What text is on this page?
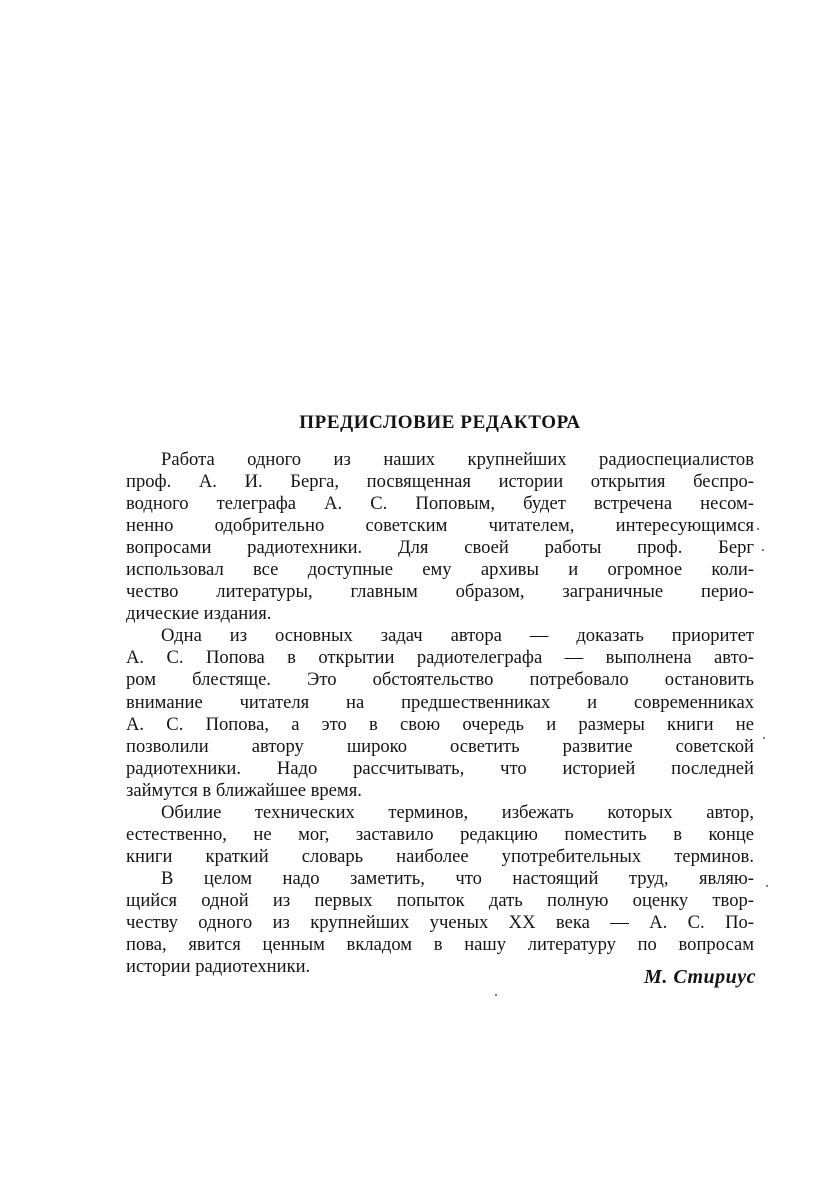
ПРЕДИСЛОВИЕ РЕДАКТОРА
Работа одного из наших крупнейших радиоспециалистов
проф. А. И. Берга, посвященная истории открытия беспро-
водного телеграфа А. С. Поповым, будет встречена несом-
ненно одобрительно советским читателем, интересующимся
вопросами радиотехники. Для своей работы проф. Берг
использовал все доступные ему архивы и огромное коли-
чество литературы, главным образом, заграничные перио-
дические издания.
Одна из основных задач автора — доказать приоритет
А. С. Попова в открытии радиотелеграфа — выполнена авто-
ром блестяще. Это обстоятельство потребовало остановить
внимание читателя на предшественниках и современниках
А. С. Попова, а это в свою очередь и размеры книги не
позволили автору широко осветить развитие советской
радиотехники. Надо рассчитывать, что историей последней
займутся в ближайшее время.
Обилие технических терминов, избежать которых автор,
естественно, не мог, заставило редакцию поместить в конце
книги краткий словарь наиболее употребительных терминов.
В целом надо заметить, что настоящий труд, являю-
щийся одной из первых попыток дать полную оценку твор-
честву одного из крупнейших ученых XX века — А. С. По-
пова, явится ценным вкладом в нашу литературу по вопросам
истории радиотехники.	М. Стирuус
